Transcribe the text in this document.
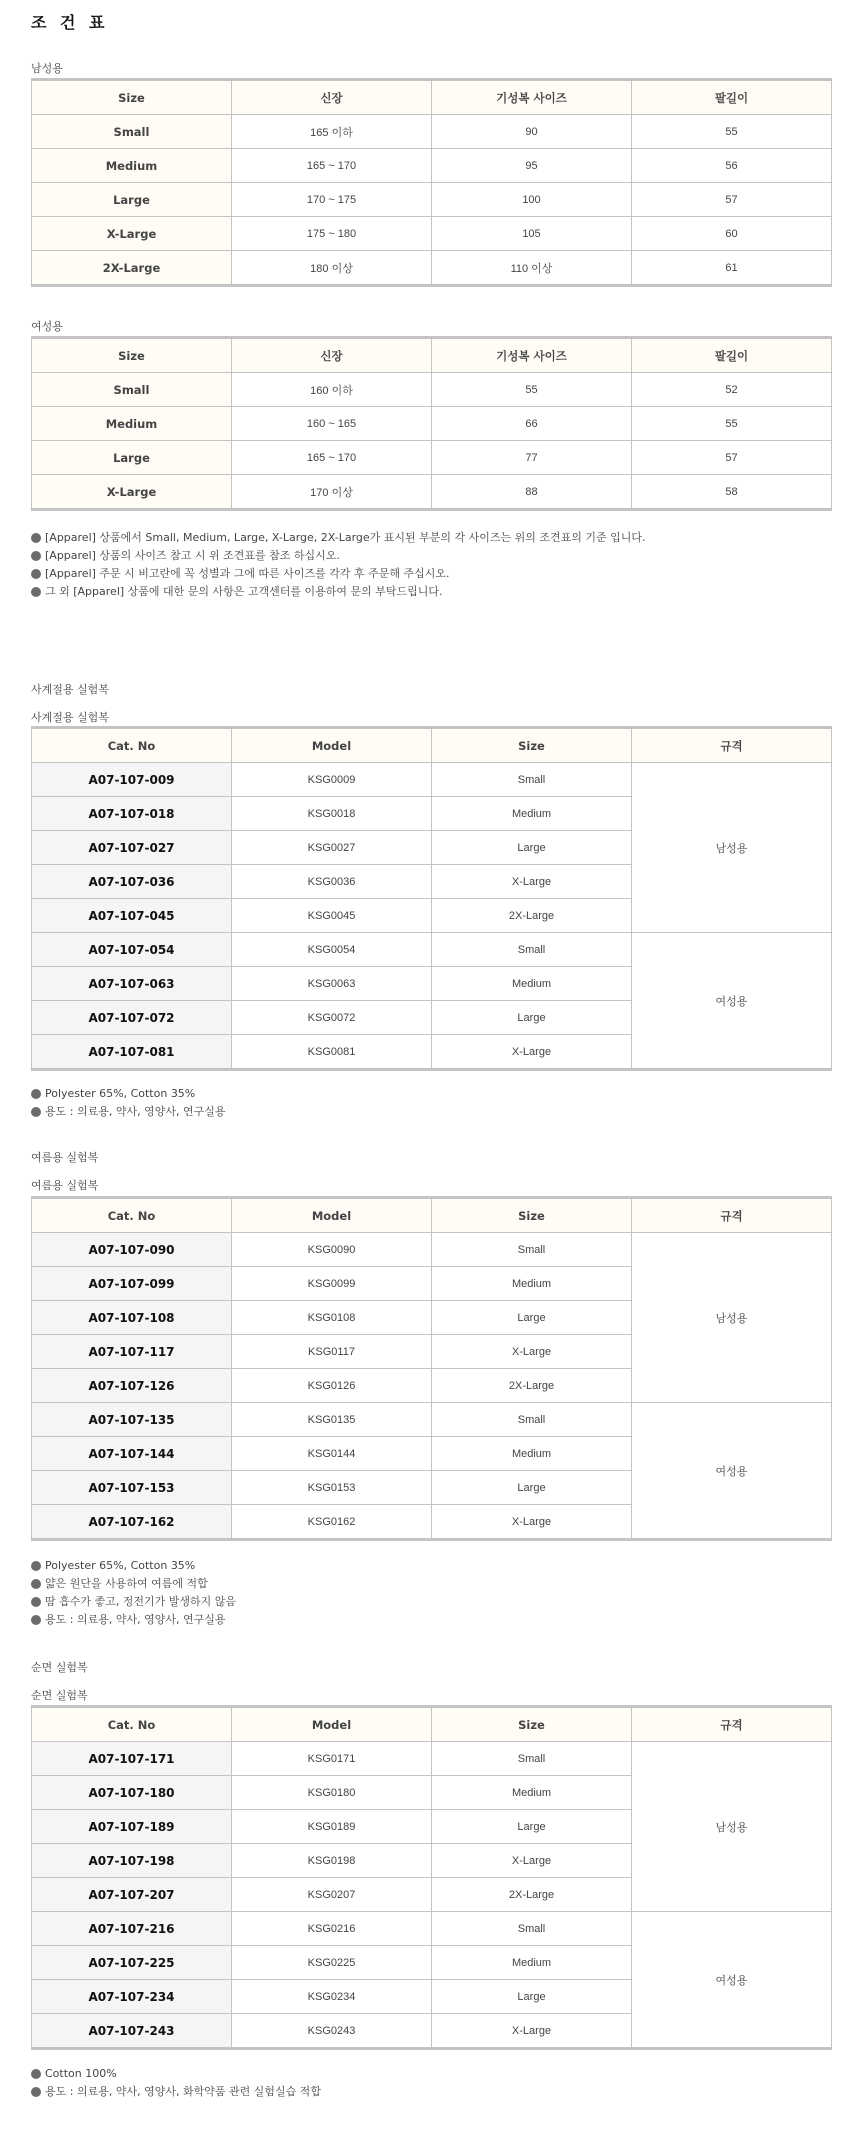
조 건 표
남성용
Size	신장	기성복 사이즈	팔길이
Small	165 이하	90	55
Medium	165 ~ 170	95	56
Large	170 ~ 175	100	57
X-Large	175 ~ 180	105	60
2X-Large	180 이상	110 이상	61
여성용
Size	신장	기성복 사이즈	팔길이
Small	160 이하	55	52
Medium	160 ~ 165	66	55
Large	165 ~ 170	77	57
X-Large	170 이상	88	58
[Apparel] 상품에서 Small, Medium, Large, X-Large, 2X-Large가 표시된 부분의 각 사이즈는 위의 조견표의 기준 입니다.
[Apparel] 상품의 사이즈 참고 시 위 조견표를 참조 하십시오.
[Apparel] 주문 시 비고란에 꼭 성별과 그에 따른 사이즈를 각각 후 주문해 주십시오.
그 외 [Apparel] 상품에 대한 문의 사항은 고객센터를 이용하여 문의 부탁드립니다.
사계절용 실험복
사계절용 실험복
Cat. No	Model	Size	규격
A07-107-009	KSG0009	Small	남성용
A07-107-018	KSG0018	Medium	
A07-107-027	KSG0027	Large	
A07-107-036	KSG0036	X-Large	
A07-107-045	KSG0045	2X-Large	
A07-107-054	KSG0054	Small	여성용
A07-107-063	KSG0063	Medium	
A07-107-072	KSG0072	Large	
A07-107-081	KSG0081	X-Large	
Polyester 65%, Cotton 35%
용도 : 의료용, 약사, 영양사, 연구실용
여름용 실험복
여름용 실험복
Cat. No	Model	Size	규격
A07-107-090	KSG0090	Small	남성용
A07-107-099	KSG0099	Medium	
A07-107-108	KSG0108	Large	
A07-107-117	KSG0117	X-Large	
A07-107-126	KSG0126	2X-Large	
A07-107-135	KSG0135	Small	여성용
A07-107-144	KSG0144	Medium	
A07-107-153	KSG0153	Large	
A07-107-162	KSG0162	X-Large	
Polyester 65%, Cotton 35%
얇은 원단을 사용하여 여름에 적합
땀 흡수가 좋고, 정전기가 발생하지 않음
용도 : 의료용, 약사, 영양사, 연구실용
순면 실험복
순면 실험복
Cat. No	Model	Size	규격
A07-107-171	KSG0171	Small	남성용
A07-107-180	KSG0180	Medium	
A07-107-189	KSG0189	Large	
A07-107-198	KSG0198	X-Large	
A07-107-207	KSG0207	2X-Large	
A07-107-216	KSG0216	Small	여성용
A07-107-225	KSG0225	Medium	
A07-107-234	KSG0234	Large	
A07-107-243	KSG0243	X-Large	
Cotton 100%
용도 : 의료용, 약사, 영양사, 화학약품 관련 실험실습 적합
